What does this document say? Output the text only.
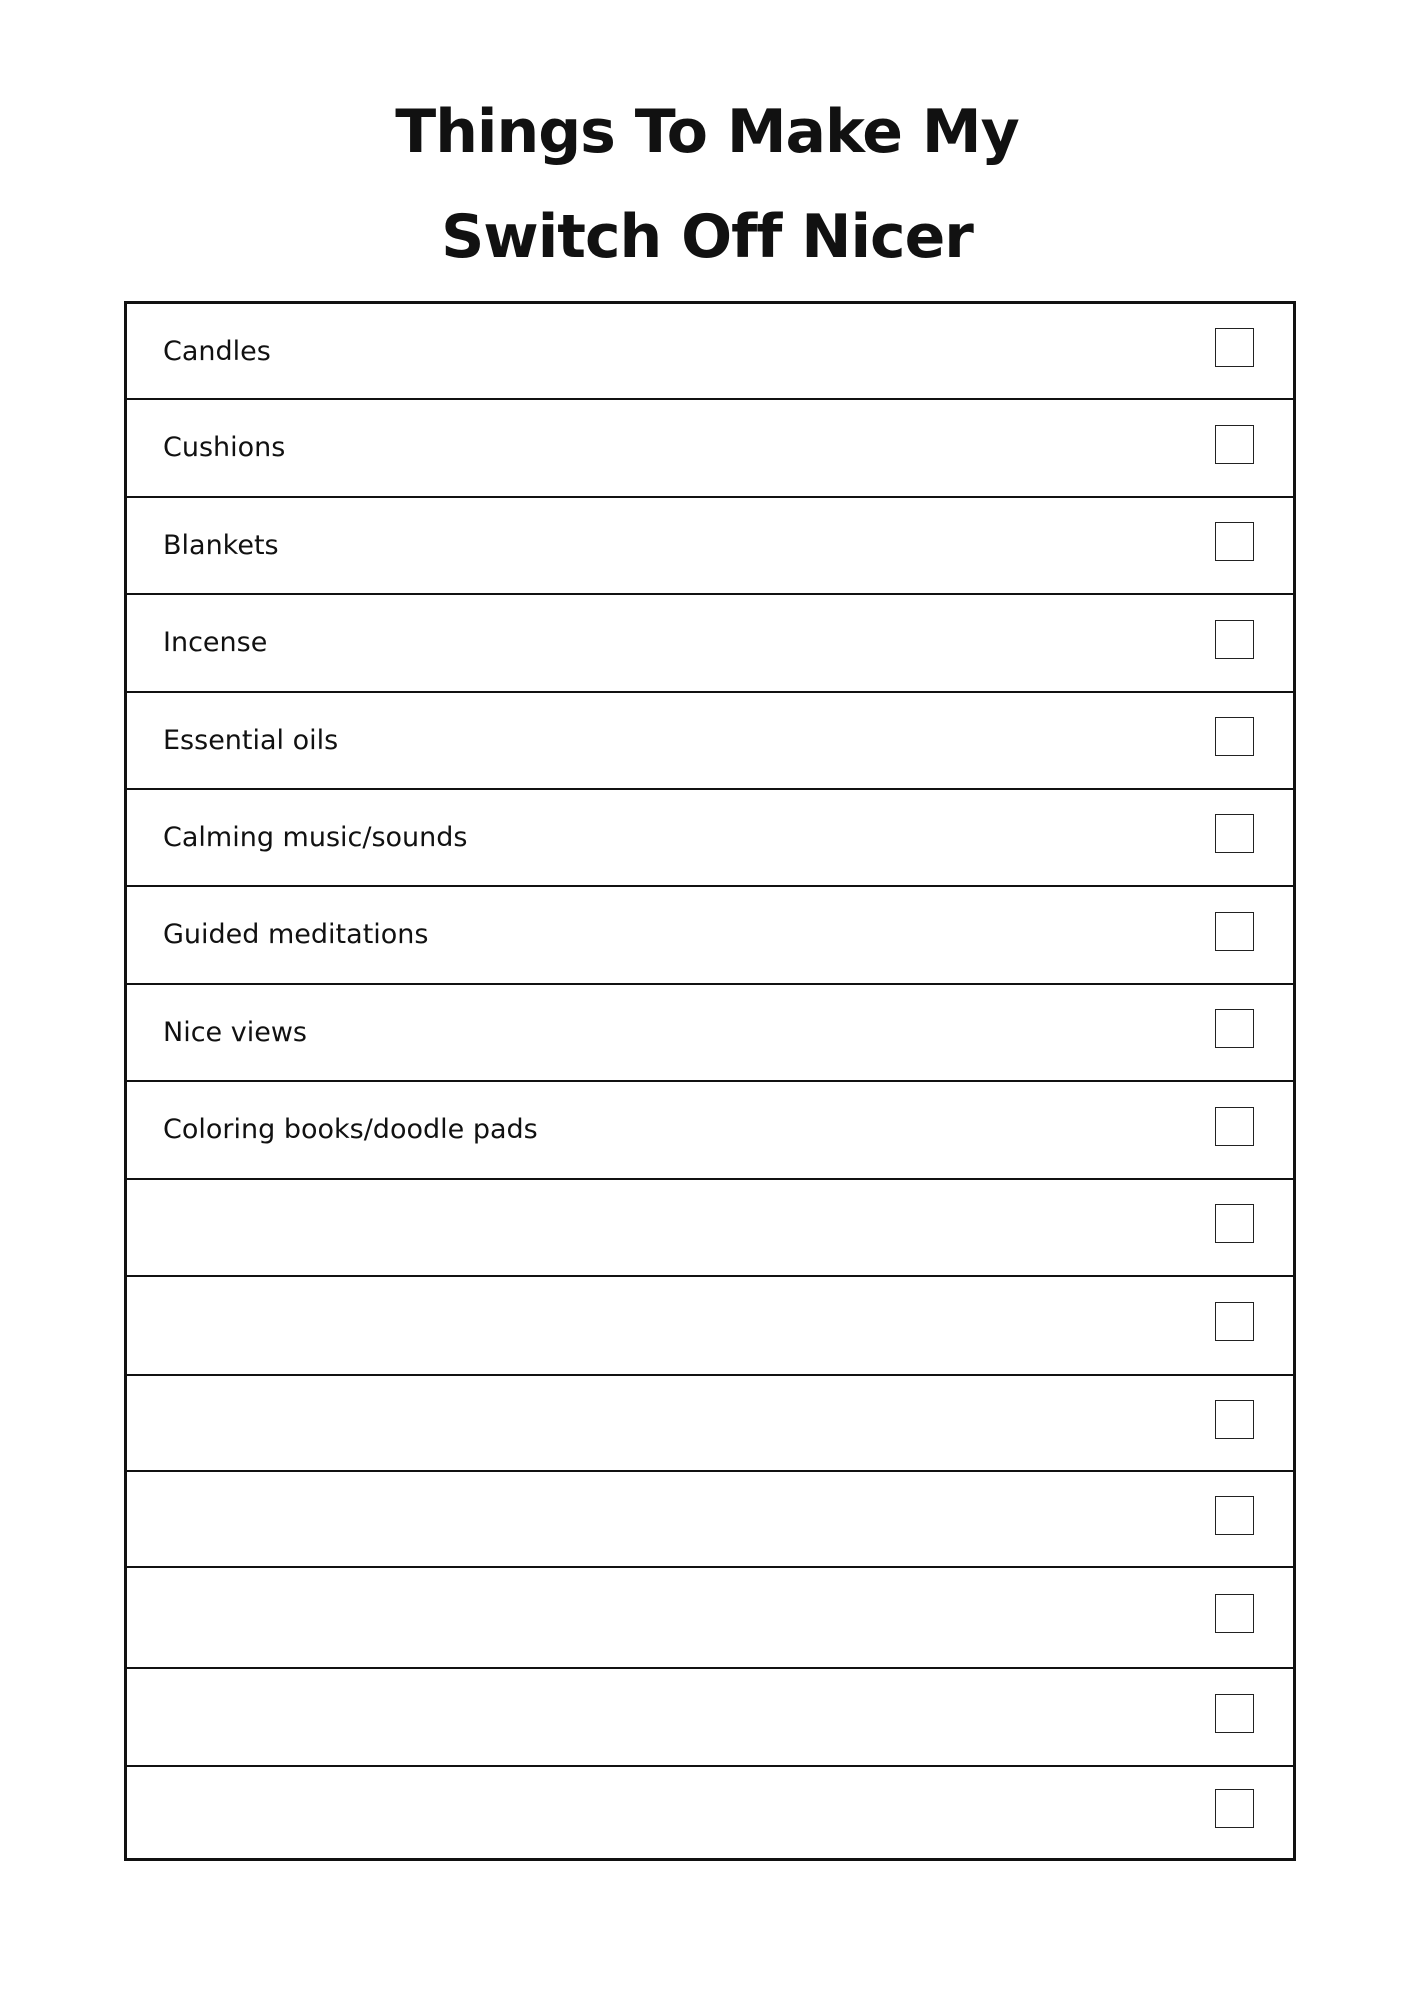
Things To Make My
Switch Off Nicer
Candles
Cushions
Blankets
Incense
Essential oils
Calming music/sounds
Guided meditations
Nice views
Coloring books/doodle pads
